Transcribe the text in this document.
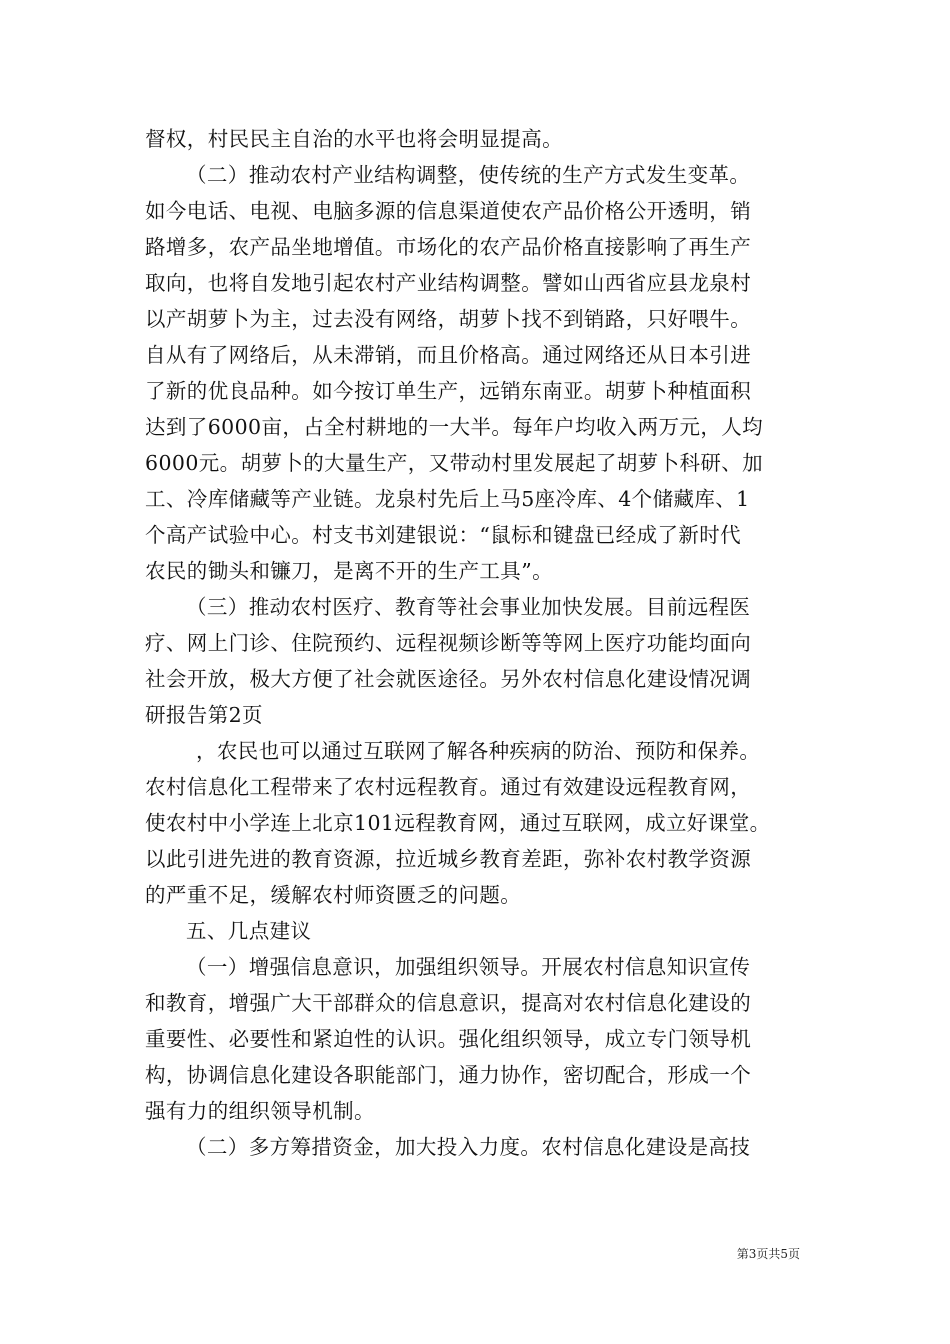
督权，村民民主自治的水平也将会明显提高。
（二）推动农村产业结构调整，使传统的生产方式发生变革。
如今电话、电视、电脑多源的信息渠道使农产品价格公开透明，销
路增多，农产品坐地增值。市场化的农产品价格直接影响了再生产
取向，也将自发地引起农村产业结构调整。譬如山西省应县龙泉村
以产胡萝卜为主，过去没有网络，胡萝卜找不到销路，只好喂牛。
自从有了网络后，从未滞销，而且价格高。通过网络还从日本引进
了新的优良品种。如今按订单生产，远销东南亚。胡萝卜种植面积
达到了6000亩，占全村耕地的一大半。每年户均收入两万元，人均
6000元。胡萝卜的大量生产，又带动村里发展起了胡萝卜科研、加
工、冷库储藏等产业链。龙泉村先后上马5座冷库、4个储藏库、1
个高产试验中心。村支书刘建银说：“鼠标和键盘已经成了新时代
农民的锄头和镰刀，是离不开的生产工具”。
（三）推动农村医疗、教育等社会事业加快发展。目前远程医
疗、网上门诊、住院预约、远程视频诊断等等网上医疗功能均面向
社会开放，极大方便了社会就医途径。另外农村信息化建设情况调
研报告第2页
，农民也可以通过互联网了解各种疾病的防治、预防和保养。
农村信息化工程带来了农村远程教育。通过有效建设远程教育网，
使农村中小学连上北京101远程教育网，通过互联网，成立好课堂。
以此引进先进的教育资源，拉近城乡教育差距，弥补农村教学资源
的严重不足，缓解农村师资匮乏的问题。
五、几点建议
（一）增强信息意识，加强组织领导。开展农村信息知识宣传
和教育，增强广大干部群众的信息意识，提高对农村信息化建设的
重要性、必要性和紧迫性的认识。强化组织领导，成立专门领导机
构，协调信息化建设各职能部门，通力协作，密切配合，形成一个
强有力的组织领导机制。
（二）多方筹措资金，加大投入力度。农村信息化建设是高技
第3页共5页
